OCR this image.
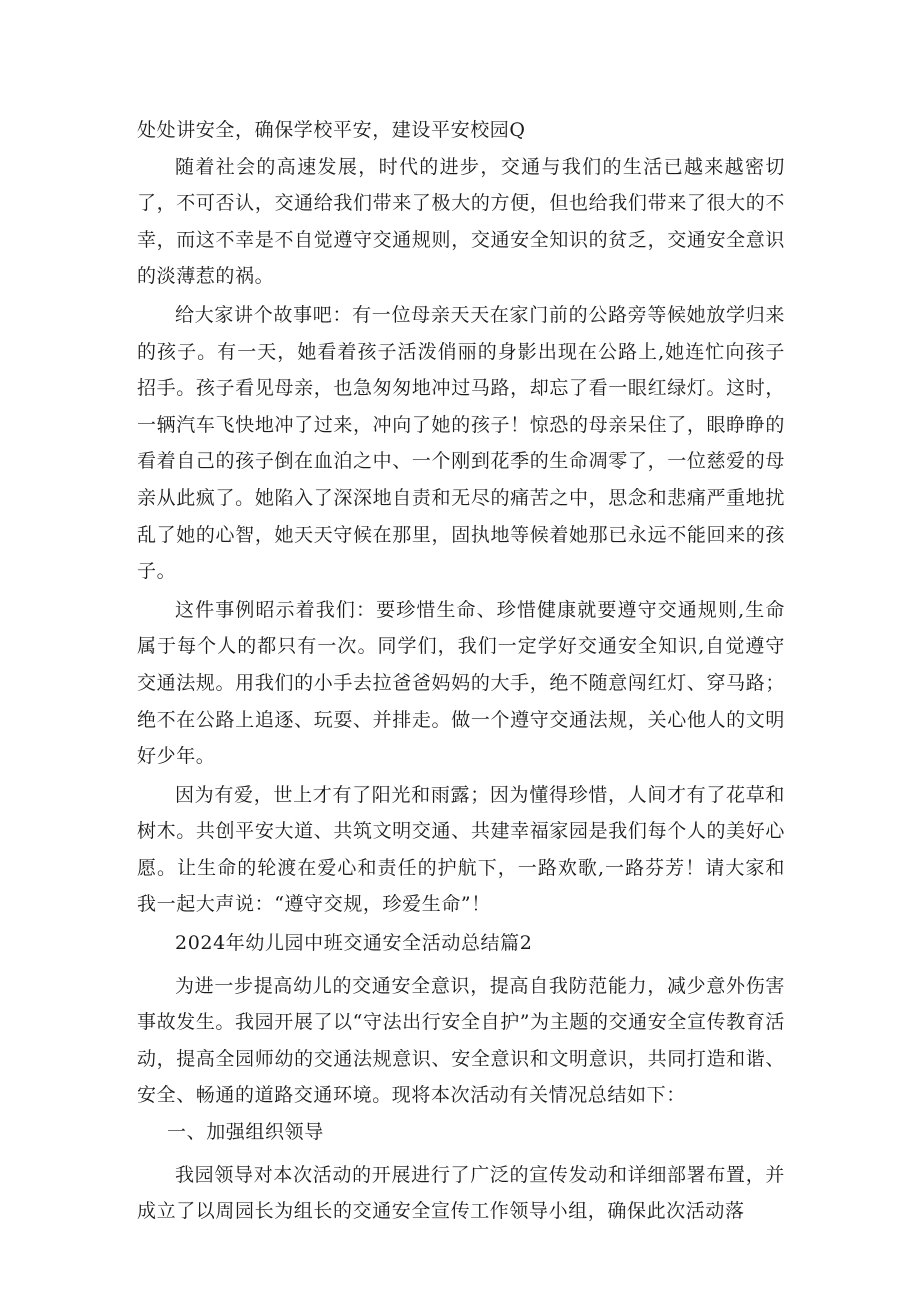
处处讲安全，确保学校平安，建设平安校园Q

随着社会的高速发展，时代的进步，交通与我们的生活已越来越密切了，不可否认，交通给我们带来了极大的方便，但也给我们带来了很大的不幸，而这不幸是不自觉遵守交通规则，交通安全知识的贫乏，交通安全意识的淡薄惹的祸。

给大家讲个故事吧：有一位母亲天天在家门前的公路旁等候她放学归来的孩子。有一天，她看着孩子活泼俏丽的身影出现在公路上,她连忙向孩子招手。孩子看见母亲，也急匆匆地冲过马路，却忘了看一眼红绿灯。这时，一辆汽车飞快地冲了过来，冲向了她的孩子！惊恐的母亲呆住了，眼睁睁的看着自己的孩子倒在血泊之中、一个刚到花季的生命凋零了，一位慈爱的母亲从此疯了。她陷入了深深地自责和无尽的痛苦之中，思念和悲痛严重地扰乱了她的心智，她天天守候在那里，固执地等候着她那已永远不能回来的孩子。

这件事例昭示着我们：要珍惜生命、珍惜健康就要遵守交通规则,生命属于每个人的都只有一次。同学们，我们一定学好交通安全知识,自觉遵守交通法规。用我们的小手去拉爸爸妈妈的大手，绝不随意闯红灯、穿马路；绝不在公路上追逐、玩耍、并排走。做一个遵守交通法规，关心他人的文明好少年。

因为有爱，世上才有了阳光和雨露；因为懂得珍惜，人间才有了花草和树木。共创平安大道、共筑文明交通、共建幸福家园是我们每个人的美好心愿。让生命的轮渡在爱心和责任的护航下，一路欢歌,一路芬芳！请大家和我一起大声说：“遵守交规，珍爱生命”！

2024年幼儿园中班交通安全活动总结篇2

为进一步提高幼儿的交通安全意识，提高自我防范能力，减少意外伤害事故发生。我园开展了以“守法出行安全自护”为主题的交通安全宣传教育活动，提高全园师幼的交通法规意识、安全意识和文明意识，共同打造和谐、安全、畅通的道路交通环境。现将本次活动有关情况总结如下：

一、加强组织领导

我园领导对本次活动的开展进行了广泛的宣传发动和详细部署布置，并成立了以周园长为组长的交通安全宣传工作领导小组，确保此次活动落
